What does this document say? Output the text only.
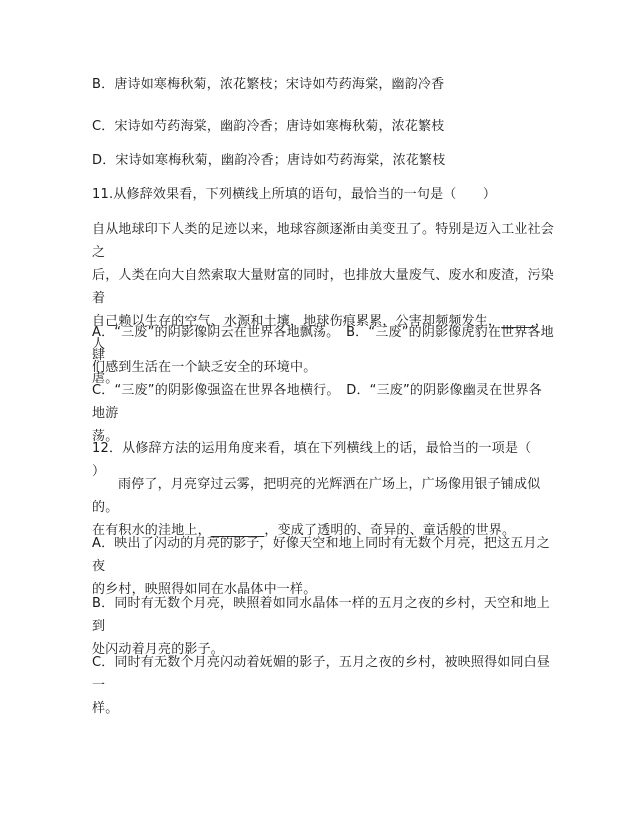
B．唐诗如寒梅秋菊，浓花繁枝；宋诗如芍药海棠，幽韵冷香

C．宋诗如芍药海棠，幽韵冷香；唐诗如寒梅秋菊，浓花繁枝

D．宋诗如寒梅秋菊，幽韵冷香；唐诗如芍药海棠，浓花繁枝

11.从修辞效果看，下列横线上所填的语句，最恰当的一句是（　　）

自从地球印下人类的足迹以来，地球容颜逐渐由美变丑了。特别是迈入工业社会之
后，人类在向大自然索取大量财富的同时，也排放大量废气、废水和废渣，污染着
自己赖以生存的空气、水源和土壤，地球伤痕累累，公害却频频发生，_____，人
们感到生活在一个缺乏安全的环境中。

A．“三废”的阴影像阴云在世界各地飘荡。　B．“三废”的阴影像虎豹在世界各地肆
虐。

C．“三废”的阴影像强盗在世界各地横行。　D．“三废”的阴影像幽灵在世界各地游
荡。

12．从修辞方法的运用角度来看，填在下列横线上的话，最恰当的一项是（　　）

雨停了，月亮穿过云雾，把明亮的光辉洒在广场上，广场像用银子铺成似的。
在有积水的洼地上，________，变成了透明的、奇异的、童话般的世界。

A．映出了闪动的月亮的影子，好像天空和地上同时有无数个月亮，把这五月之夜
的乡村，映照得如同在水晶体中一样。

B．同时有无数个月亮，映照着如同水晶体一样的五月之夜的乡村，天空和地上到
处闪动着月亮的影子。

C．同时有无数个月亮闪动着妩媚的影子，五月之夜的乡村，被映照得如同白昼一
样。
